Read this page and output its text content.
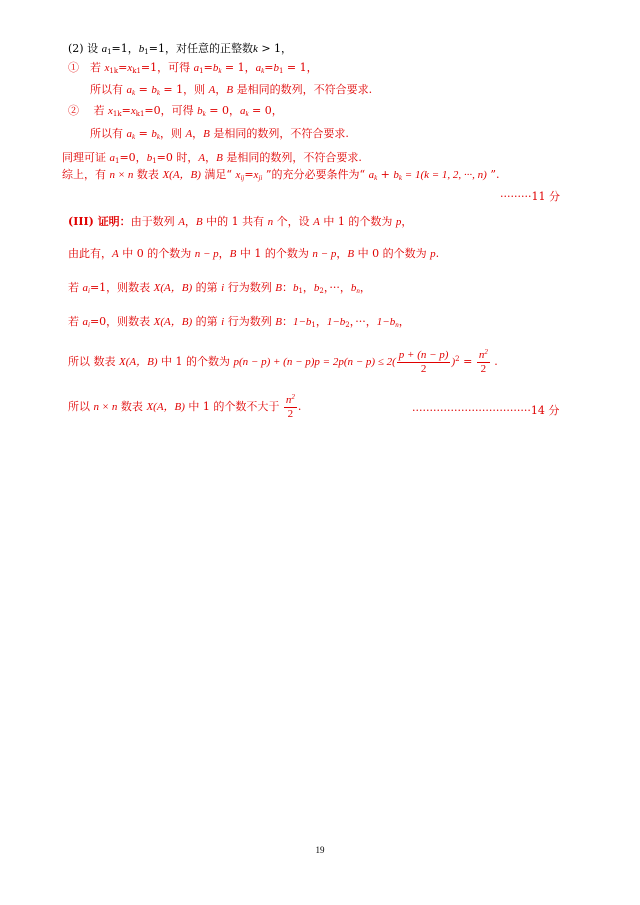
(2) 设 $a_1=1$，$b_1=1$，对任意的正整数k > 1，
①　若 $x_{1k}=x_{k1}=1$，可得 $a_1=b_k = 1$，$a_k=b_1 = 1$，
所以有 $a_k = b_k = 1$，则 A，B 是相同的数列，不符合要求.
②　 若 $x_{1k}=x_{k1}=0$，可得 $b_k = 0$，$a_k = 0$，
所以有 $a_k = b_k$，则 A，B 是相同的数列，不符合要求.
同理可证 $a_1=0$，$b_1=0$ 时，A，B 是相同的数列，不符合要求.
综上，有 n × n 数表 X(A，B) 满足“ $x_{ij}=x_{ji}$ ”的充分必要条件为“ $a_k + b_k = 1(k = 1$, 2, ···, n) ”.
·········11 分
(III) 证明：由于数列 A，B 中的 1 共有 n 个，设 A 中 1 的个数为 p，
由此有，A 中 0 的个数为 n − p，B 中 1 的个数为 n − p，B 中 0 的个数为 p.
若 $a_i=1$，则数表 X(A，B) 的第 i 行为数列 B：$b_1$，$b_2$，···，$b_n$，
若 $a_i=0$，则数表 X(A，B) 的第 i 行为数列 B：$1-b_1$，$1-b_2$，···，$1-b_n$，
所以 数表 X(A，B) 中 1 的个数为 $p(n - p) + (n - p)p = 2p(n - p) \le 2( \frac{p + (n - p)}{2} )^2 = \frac{n^2}{2}$ .
所以 n × n 数表 X(A，B) 中 1 的个数不大于 $\frac{n^2}{2}$ .	··································14 分
19
